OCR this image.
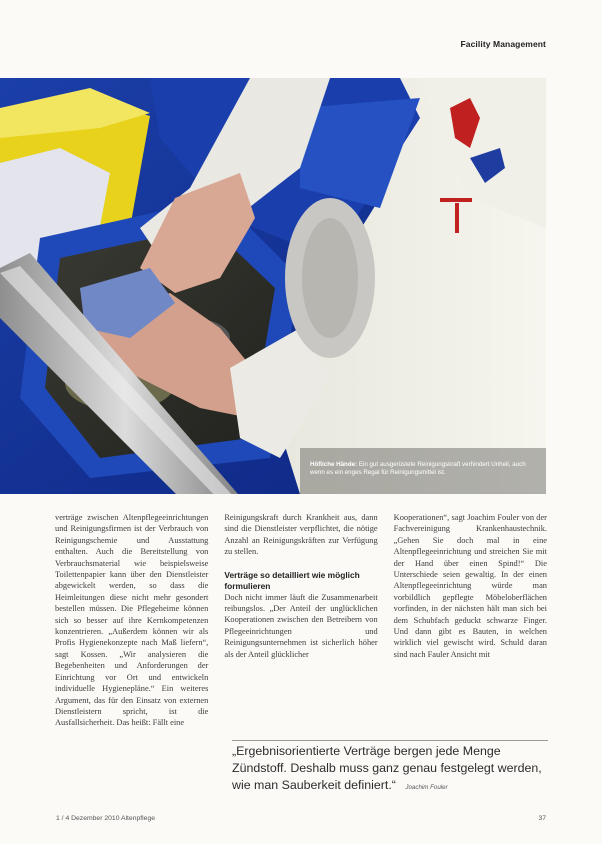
Facility Management
Höfliche Hände: Ein gut ausgerüstete Reinigungskraft verhindert Unheil, auch wenn es ein enges Regal für Reinigungsmittel ist.

verträge zwischen Altenpflegeeinrichtungen und Reinigungsfirmen ist der Verbrauch von Reinigungschemie und Ausstattung enthalten. Auch die Bereitstellung von Verbrauchsmaterial wie beispielsweise Toilettenpapier kann über den Dienstleister abgewickelt werden, so dass die Heimleitungen diese nicht mehr gesondert bestellen müssen. Die Pflegeheime können sich so besser auf ihre Kernkompetenzen konzentrieren. „Außerdem können wir als Profis Hygienekonzepte nach Maß liefern“, sagt Kossen. „Wir analysieren die Begebenheiten und Anforderungen der Einrichtung vor Ort und entwickeln individuelle Hygienepläne.“ Ein weiteres Argument, das für den Einsatz von externen Dienstleistern spricht, ist die Ausfallsicherheit. Das heißt: Fällt eine

Reinigungskraft durch Krankheit aus, dann sind die Dienstleister verpflichtet, die nötige Anzahl an Reinigungskräften zur Verfügung zu stellen.

Verträge so detailliert wie möglich formulieren

Doch nicht immer läuft die Zusammenarbeit reibungslos. „Der Anteil der unglücklichen Kooperationen zwischen den Betreibern von Pflegeeinrichtungen und Reinigungsunternehmen ist sicherlich höher als der Anteil glücklicher

Kooperationen“, sagt Joachim Fouler von der Fachvereinigung Krankenhaustechnik. „Gehen Sie doch mal in eine Altenpflegeeinrichtung und streichen Sie mit der Hand über einen Spind!“ Die Unterschiede seien gewaltig. In der einen Altenpflegeeinrichtung würde man vorbildlich gepflegte Möbeloberflächen vorfinden, in der nächsten hält man sich bei dem Schubfach geduckt schwarze Finger. Und dann gibt es Bauten, in welchen wirklich viel gewischt wird. Schuld daran sind nach Fauler Ansicht mit

„Ergebnisorientierte Verträge bergen jede Menge Zündstoff. Deshalb muss ganz genau festgelegt werden, wie man Sauberkeit definiert.“ Joachim Fouler
1 / 4 Dezember 2010 Altenpflege	37
